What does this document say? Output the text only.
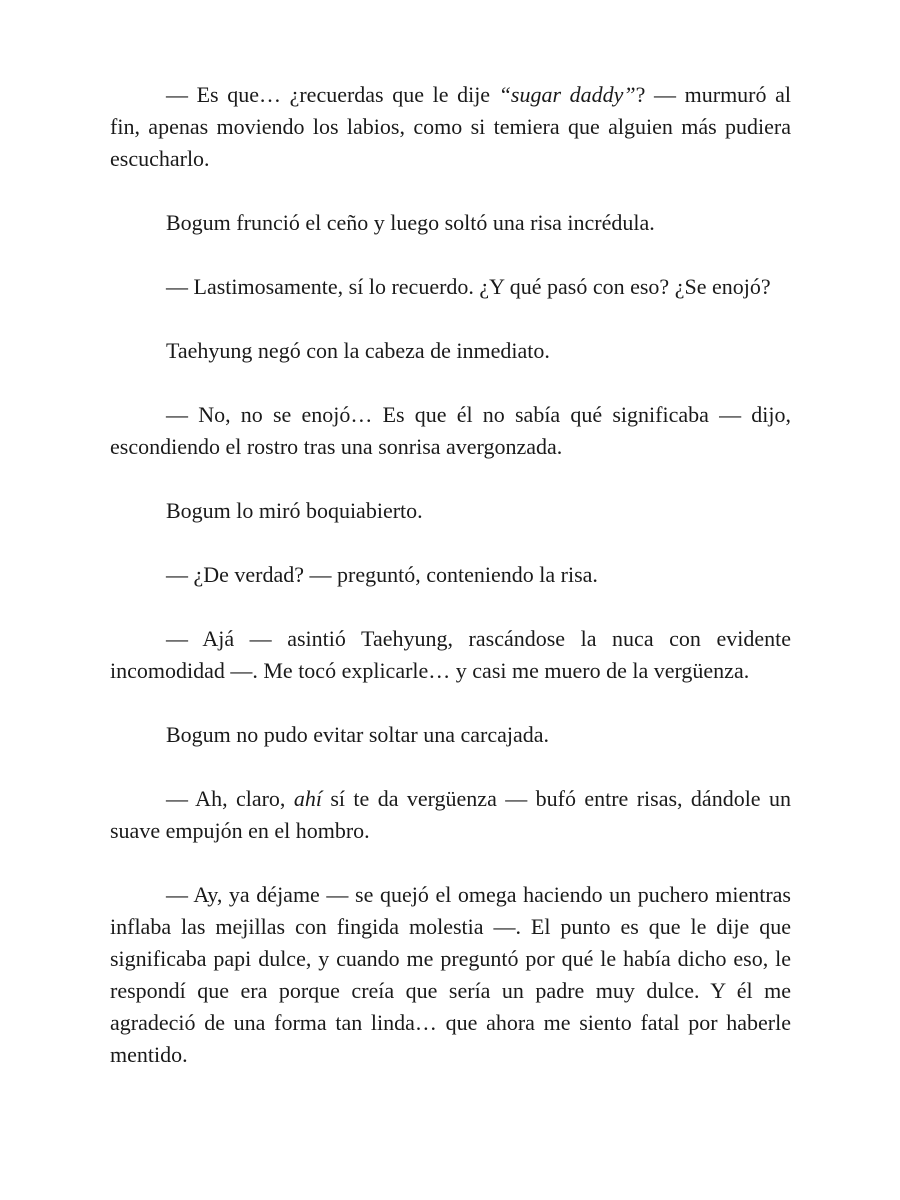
— Es que… ¿recuerdas que le dije “sugar daddy”? — murmuró al fin, apenas moviendo los labios, como si temiera que alguien más pudiera escucharlo.

Bogum frunció el ceño y luego soltó una risa incrédula.

— Lastimosamente, sí lo recuerdo. ¿Y qué pasó con eso? ¿Se enojó?

Taehyung negó con la cabeza de inmediato.

— No, no se enojó… Es que él no sabía qué significaba — dijo, escondiendo el rostro tras una sonrisa avergonzada.

Bogum lo miró boquiabierto.

— ¿De verdad? — preguntó, conteniendo la risa.

— Ajá — asintió Taehyung, rascándose la nuca con evidente incomodidad —. Me tocó explicarle… y casi me muero de la vergüenza.

Bogum no pudo evitar soltar una carcajada.

— Ah, claro, ahí sí te da vergüenza — bufó entre risas, dándole un suave empujón en el hombro.

— Ay, ya déjame — se quejó el omega haciendo un puchero mientras inflaba las mejillas con fingida molestia —. El punto es que le dije que significaba papi dulce, y cuando me preguntó por qué le había dicho eso, le respondí que era porque creía que sería un padre muy dulce. Y él me agradeció de una forma tan linda… que ahora me siento fatal por haberle mentido.
